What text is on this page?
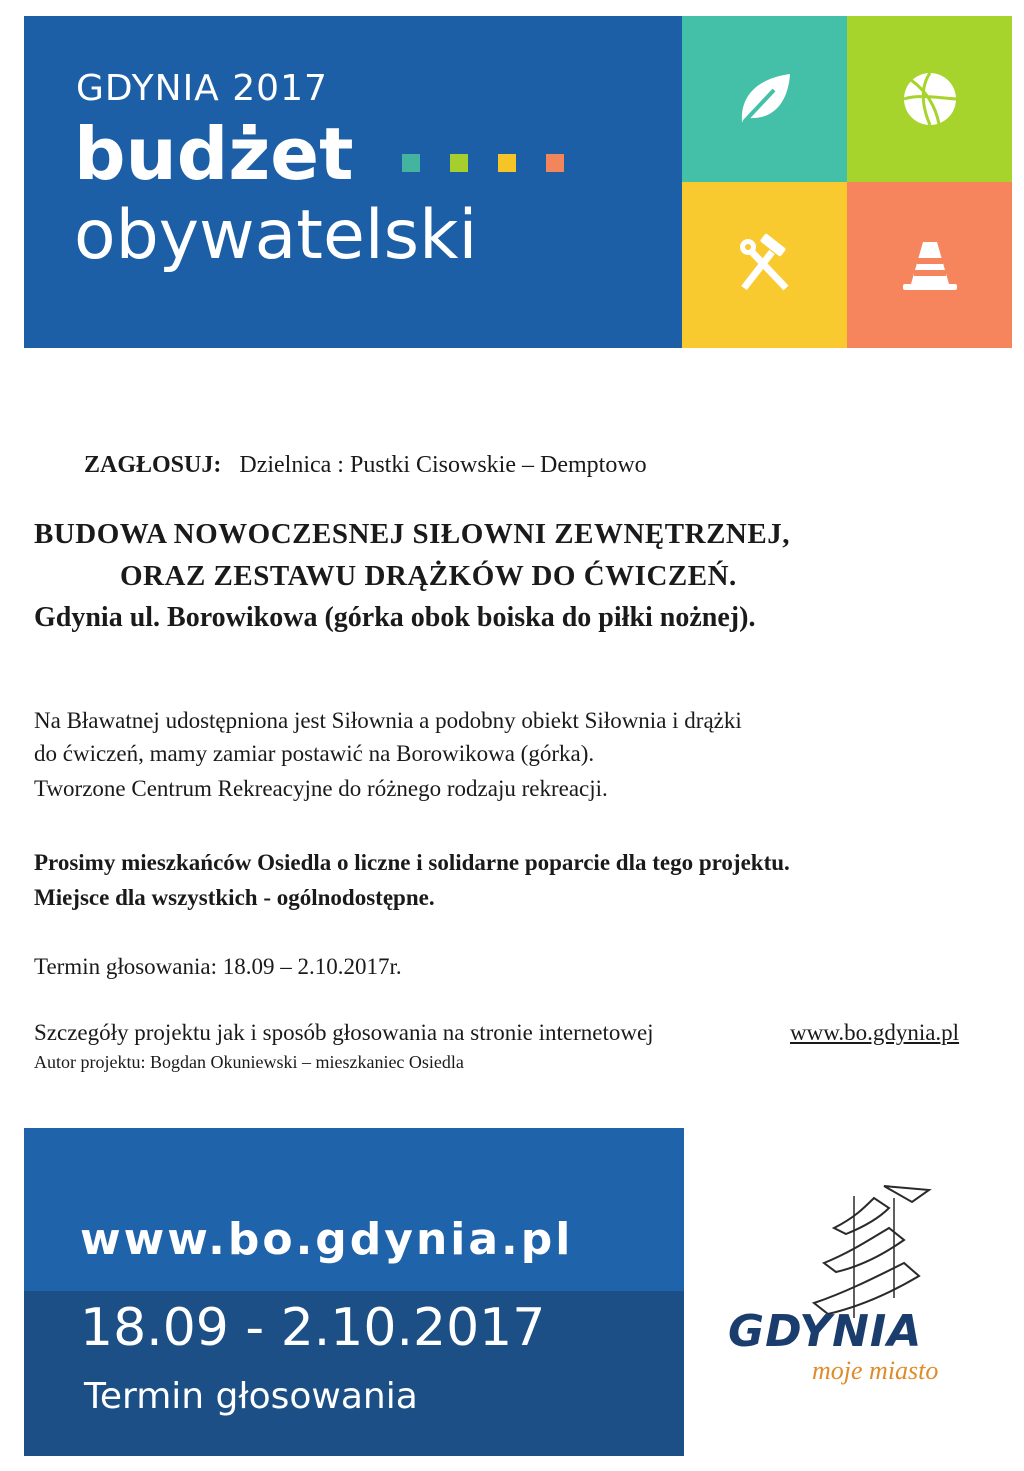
GDYNIA 2017
budżet
obywatelski
ZAGŁOSUJ: Dzielnica : Pustki Cisowskie – Demptowo
BUDOWA NOWOCZESNEJ SIŁOWNI ZEWNĘTRZNEJ,
ORAZ ZESTAWU DRĄŻKÓW DO ĆWICZEŃ.
Gdynia ul. Borowikowa (górka obok boiska do piłki nożnej).
Na Bławatnej udostępniona jest Siłownia a podobny obiekt Siłownia i drążki
do ćwiczeń, mamy zamiar postawić na Borowikowa (górka).
Tworzone Centrum Rekreacyjne do różnego rodzaju rekreacji.
Prosimy mieszkańców Osiedla o liczne i solidarne poparcie dla tego projektu.
Miejsce dla wszystkich - ogólnodostępne.
Termin głosowania: 18.09 – 2.10.2017r.
Szczegóły projektu jak i sposób głosowania na stronie internetowej	www.bo.gdynia.pl
Autor projektu: Bogdan Okuniewski – mieszkaniec Osiedla
www.bo.gdynia.pl
18.09 - 2.10.2017
Termin głosowania
GDYNIA
moje miasto
